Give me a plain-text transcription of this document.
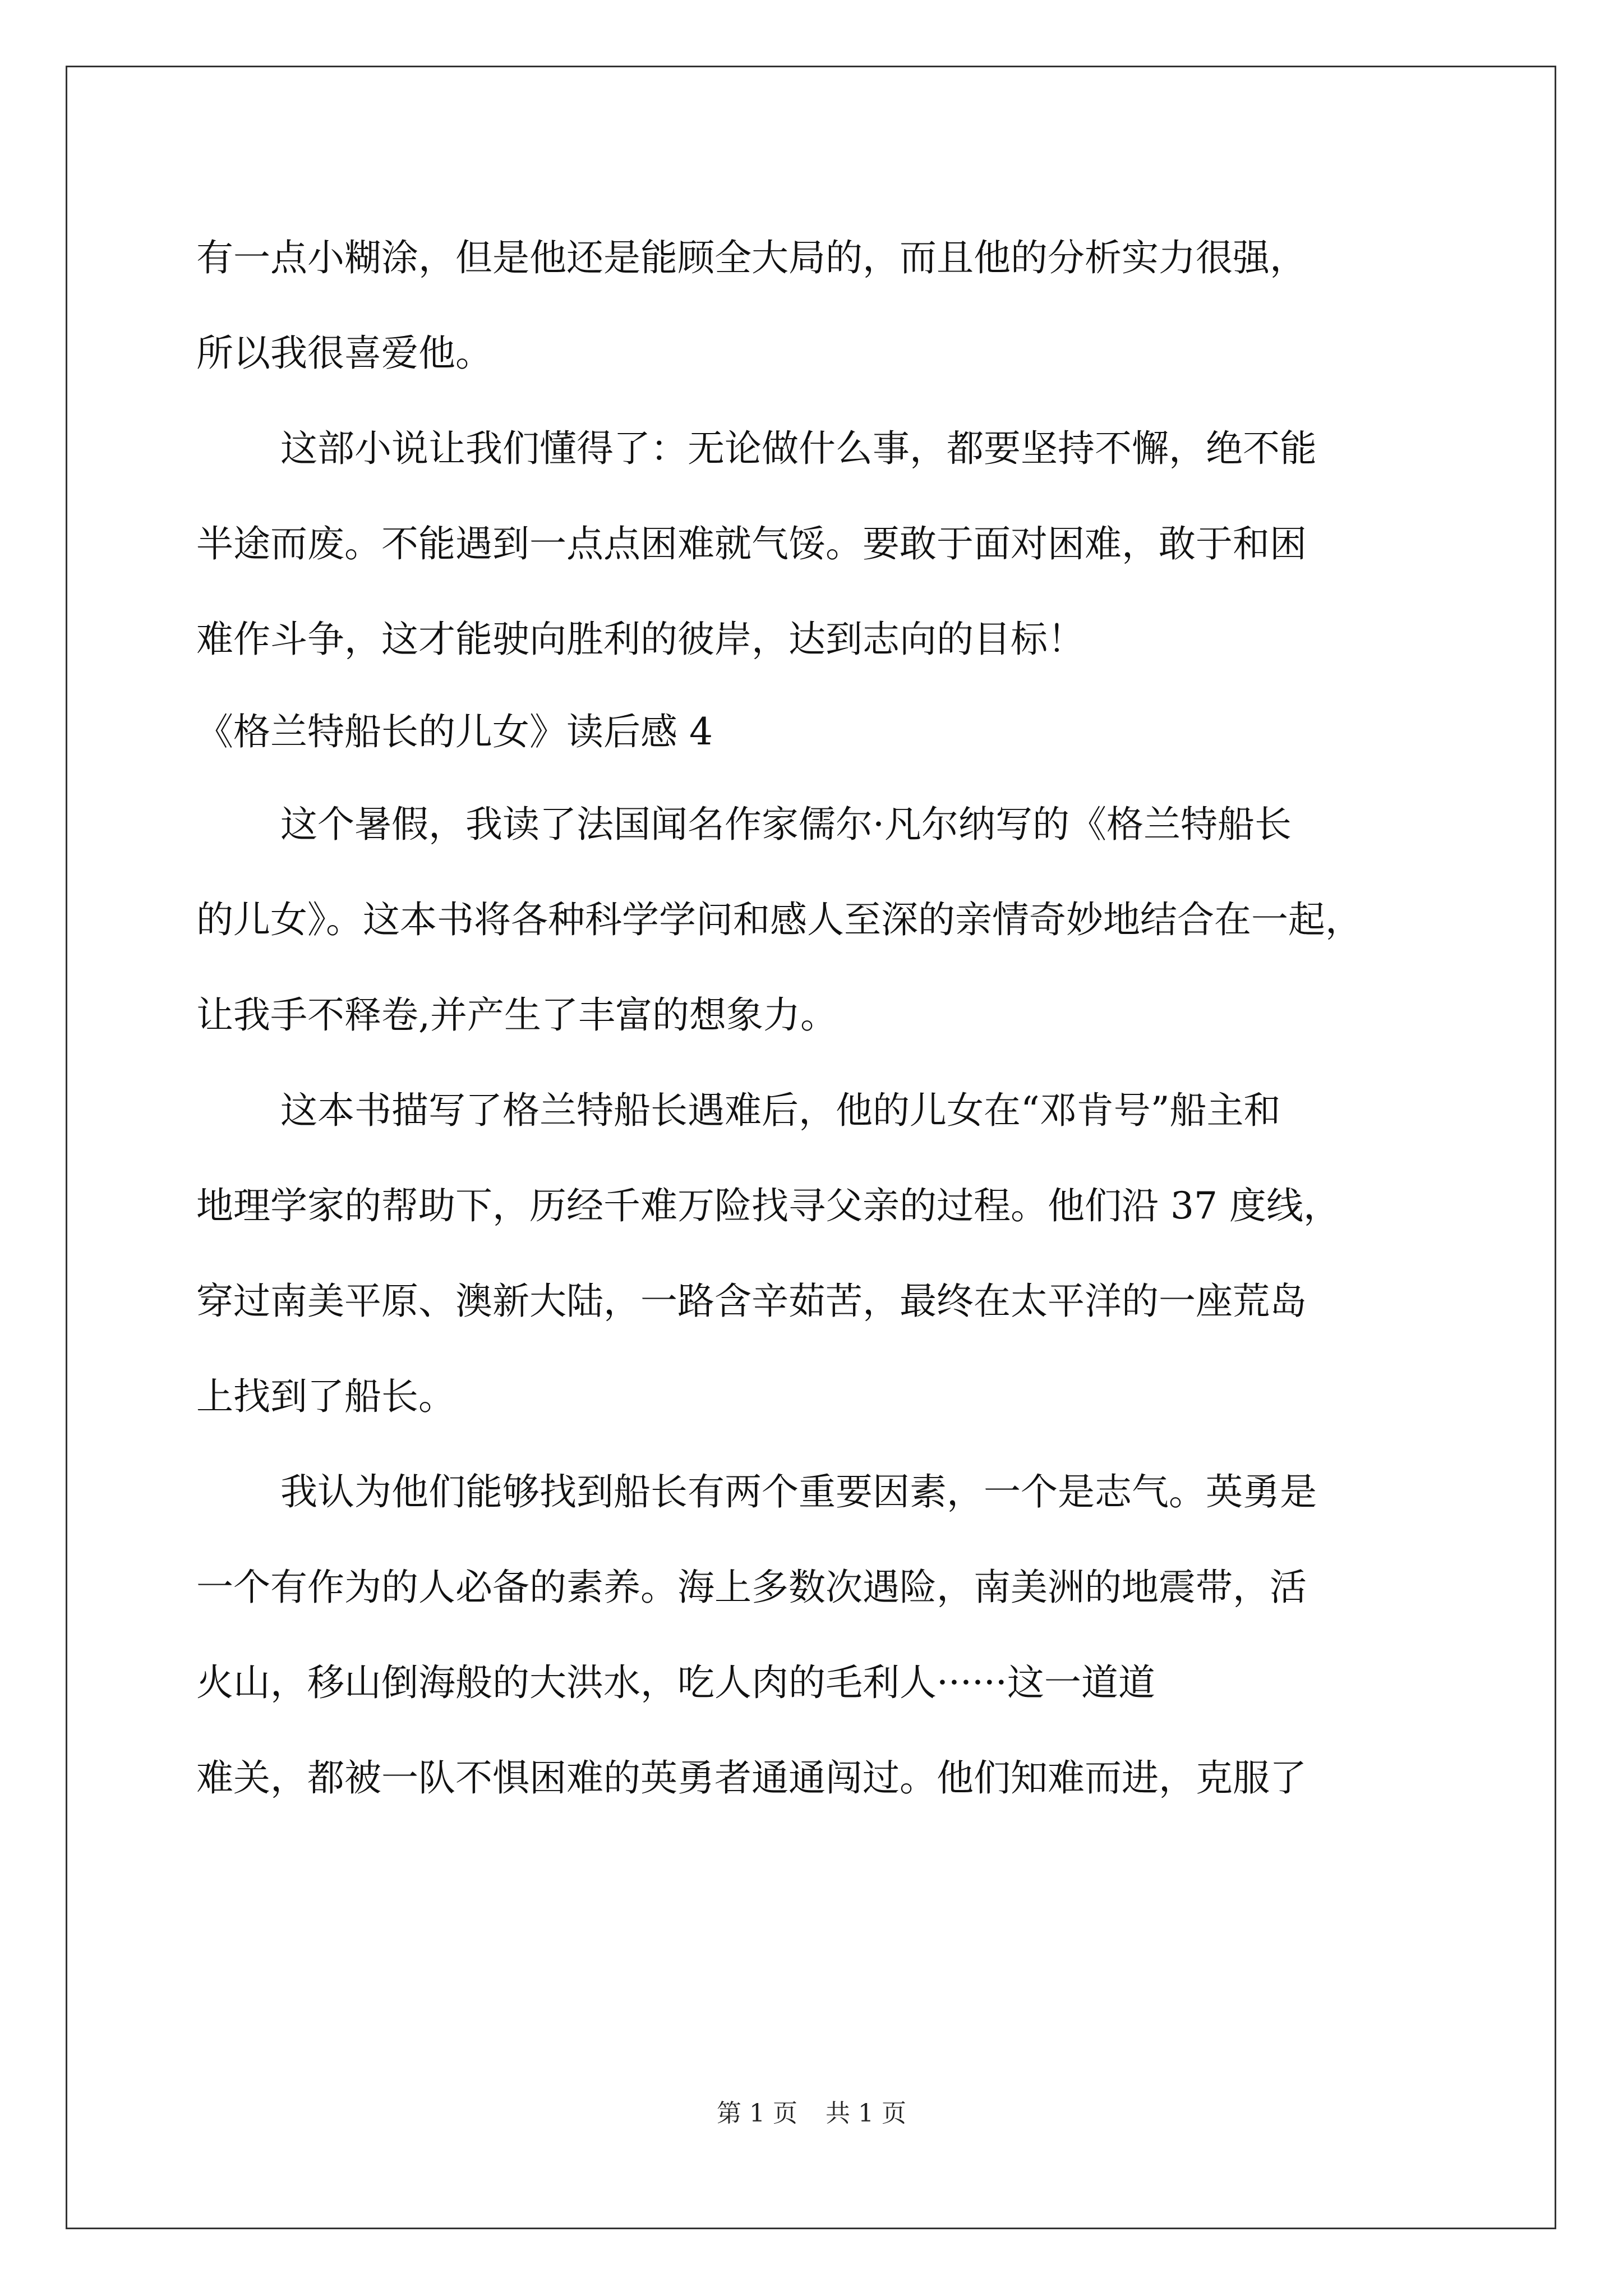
有一点小糊涂，但是他还是能顾全大局的，而且他的分析实力很强，
所以我很喜爱他。
这部小说让我们懂得了：无论做什么事，都要坚持不懈，绝不能
半途而废。不能遇到一点点困难就气馁。要敢于面对困难，敢于和困
难作斗争，这才能驶向胜利的彼岸，达到志向的目标！
《格兰特船长的儿女》读后感 4
这个暑假，我读了法国闻名作家儒尔·凡尔纳写的《格兰特船长
的儿女》。这本书将各种科学学问和感人至深的亲情奇妙地结合在一起，
让我手不释卷,并产生了丰富的想象力。
这本书描写了格兰特船长遇难后，他的儿女在“邓肯号”船主和
地理学家的帮助下，历经千难万险找寻父亲的过程。他们沿 37 度线，
穿过南美平原、澳新大陆，一路含辛茹苦，最终在太平洋的一座荒岛
上找到了船长。
我认为他们能够找到船长有两个重要因素，一个是志气。英勇是
一个有作为的人必备的素养。海上多数次遇险，南美洲的地震带，活
火山，移山倒海般的大洪水，吃人肉的毛利人······这一道道
难关，都被一队不惧困难的英勇者通通闯过。他们知难而进，克服了
第 1 页 共 1 页
